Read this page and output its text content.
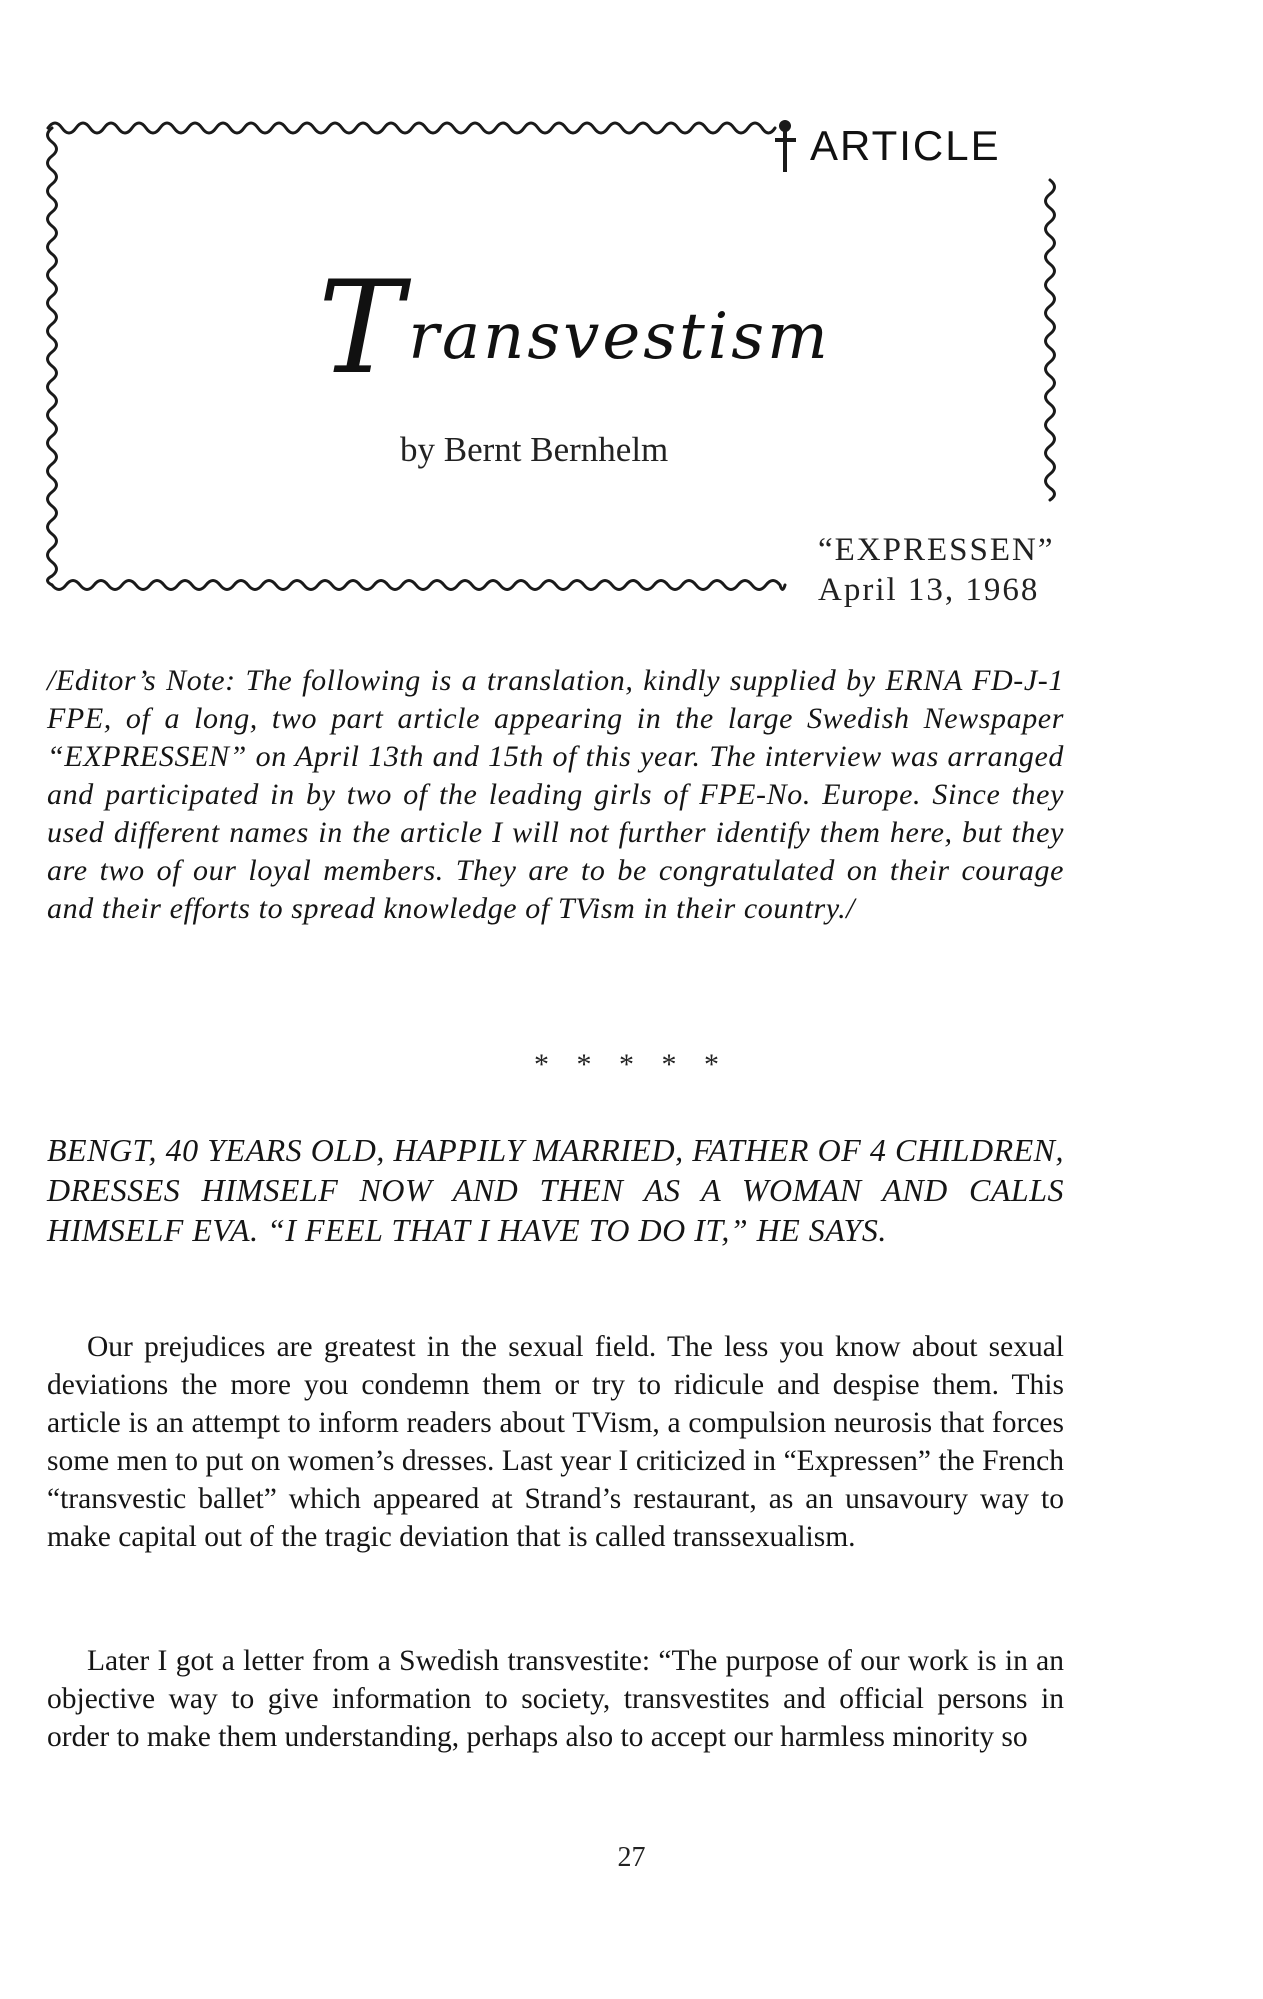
ARTICLE
Transvestism
by Bernt Bernhelm
“EXPRESSEN”
April 13, 1968
/Editor’s Note: The following is a translation, kindly supplied by ERNA FD-J-1 FPE, of a long, two part article appearing in the large Swedish Newspaper “EXPRESSEN” on April 13th and 15th of this year. The interview was arranged and participated in by two of the leading girls of FPE-No. Europe. Since they used different names in the article I will not further identify them here, but they are two of our loyal members. They are to be congratulated on their courage and their efforts to spread knowledge of TVism in their country./
* * * * *
BENGT, 40 YEARS OLD, HAPPILY MARRIED, FATHER OF 4 CHILDREN, DRESSES HIMSELF NOW AND THEN AS A WOMAN AND CALLS HIMSELF EVA. “I FEEL THAT I HAVE TO DO IT,” HE SAYS.

Our prejudices are greatest in the sexual field. The less you know about sexual deviations the more you condemn them or try to ridicule and despise them. This article is an attempt to inform readers about TVism, a compulsion neurosis that forces some men to put on women’s dresses. Last year I criticized in “Expressen” the French “transvestic ballet” which appeared at Strand’s restaurant, as an unsavoury way to make capital out of the tragic deviation that is called transsexualism.

Later I got a letter from a Swedish transvestite: “The purpose of our work is in an objective way to give information to society, transvestites and official persons in order to make them understanding, perhaps also to accept our harmless minority so

27
